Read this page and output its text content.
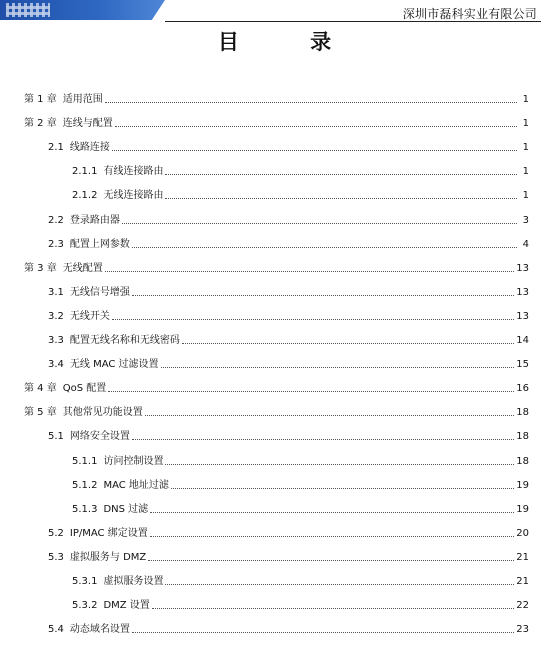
深圳市磊科实业有限公司
目 录
第 1 章 适用范围	1
第 2 章 连线与配置	1
2.1 线路连接	1
2.1.1 有线连接路由	1
2.1.2 无线连接路由	1
2.2 登录路由器	3
2.3 配置上网参数	4
第 3 章 无线配置	13
3.1 无线信号增强	13
3.2 无线开关	13
3.3 配置无线名称和无线密码	14
3.4 无线 MAC 过滤设置	15
第 4 章 QoS 配置	16
第 5 章 其他常见功能设置	18
5.1 网络安全设置	18
5.1.1 访问控制设置	18
5.1.2 MAC 地址过滤	19
5.1.3 DNS 过滤	19
5.2 IP/MAC 绑定设置	20
5.3 虚拟服务与 DMZ	21
5.3.1 虚拟服务设置	21
5.3.2 DMZ 设置	22
5.4 动态域名设置	23
